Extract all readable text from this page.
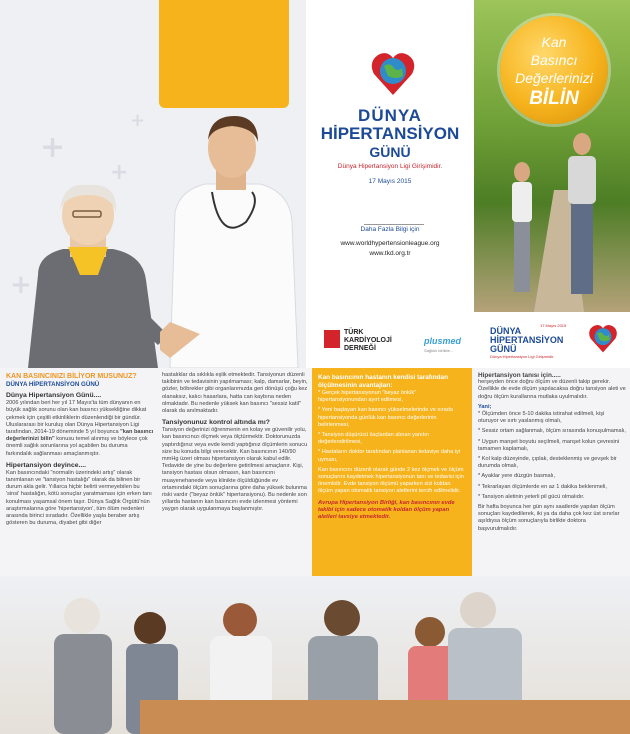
+
+
+
+	DÜNYA
HİPERTANSİYON
GÜNÜ
Dünya Hipertansiyon Ligi Girişimidir.
17 Mayıs 2015
Daha Fazla Bilgi için
www.worldhypertensionleague.org
www.tkd.org.tr
Kan
Basıncı
Değerlerinizi
BİLİN
TÜRK
KARDİYOLOJİ
DERNEĞİ
plusmed
Sağlıklı birlikte...
17 Mayıs 2015
DÜNYA
HİPERTANSİYON
GÜNÜ
Dünya Hipertansiyon Ligi Girişimidir.
KAN BASINCINIZI BİLİYOR MUSUNUZ?
DÜNYA HİPERTANSİYON GÜNÜ
Dünya Hipertansiyon Günü....

2006 yılından beri her yıl 17 Mayıs'ta tüm dünyanın en büyük sağlık sorunu olan kan basıncı yüksekliğine dikkat çekmek için çeşitli etkinliklerin düzenlendiği bir gündür. Uluslararası bir kuruluş olan Dünya Hipertansiyon Ligi tarafından, 2014-19 döneminde 5 yıl boyunca "kan basıncı değerlerinizi bilin" konusu temel alınmış ve böylece çok önemli sağlık sorunlarına yol açabilen bu duruma farkındalık sağlanması amaçlanmıştır.

Hipertansiyon deyince....

Kan basıncındaki "normalin üzerindeki artış" olarak tanımlanan ve "tansiyon hastalığı" olarak da bilinen bir durum akla gelir. Yıllarca hiçbir belirti vermeyebilen bu 'sinsi' hastalığın, kötü sonuçlar yaratmaması için erken tanı konulması yaşamsal önem taşır. Dünya Sağlık Örgütü'nün araştırmalarına göre 'hipertansiyon', tüm ölüm nedenleri arasında birinci sıradadır. Özellikle yaşla beraber artış gösteren bu duruma, diyabet gibi diğer

hastalıklar da sıklıkla eşlik etmektedir. Tansiyonun düzenli takibinin ve tedavisinin yapılmaması; kalp, damarlar, beyin, gözler, böbrekler gibi organlarımızda geri dönüşü çoğu kez olanaksız, kalıcı hasarlara, hatta can kaybına neden olmaktadır. Bu nedenle yüksek kan basıncı "sessiz katil" olarak da anılmaktadır.

Tansiyonunuz kontrol altında mı?

Tansiyon değerinizi öğrenmenin en kolay ve güvenilir yolu, kan basıncınızı ölçmek veya ölçtürmektir. Doktorunuzda yaptırdığınız veya evde kendi yaptığınız ölçümlerin sonucu size bu konuda bilgi verecektir. Kan basıncının 140/90 mmHg üzeri olması hipertansiyon olarak kabul edilir. Tedavide de yine bu değerlere getirilmesi amaçlanır. Kişi, tansiyon hastası olsun olmasın, kan basıncını muayenehanede veya klinikte ölçüldüğünde ev ortamındaki ölçüm sonuçlarına göre daha yüksek bulunma riski vardır ("beyaz önlük" hipertansiyonu). Bu nedenle son yıllarda hastanın kan basıncını evde izlenmesi yöntemi yaygın olarak uygulanmaya başlanmıştır.

Kan basıncının hastanın kendisi tarafından ölçülmesinin avantajları:

* Gerçek hipertansiyonun "beyaz önlük" hipertansiyonundan ayırt edilmesi,

* Yeni başlayan kan basıncı yükselmelerinde ve sırada hipertansiyonda günlük kan basıncı değerlerinin belirlenmesi,

* Tansiyon düşürücü ilaçlardan alınan yanıtın değerlendirilmesi,

* Hastaların doktor tarafından planlanan tedaviye daha iyi uyması,

Kan basıncını düzenli olarak günde 2 kez ölçmek ve ölçüm sonuçlarını kaydetmek hipertansiyonun tanı ve tedavisi için önemlidir. Evde tansiyon ölçümü yaparken sizi koldan ölçüm yapan otomatik tansiyon aletlerini tercih edilmelidir.

Avrupa Hipertansiyon Birliği, kan basıncının evde takibi için sadece otomatik koldan ölçüm yapan aletleri tavsiye etmektedir.
Hipertansiyon tanısı için.....

herşeyden önce doğru ölçüm ve düzenli takip gerekir. Özellikle de evde ölçüm yapılacaksa doğru tansiyon aleti ve doğru ölçüm kurallarına mutlaka uyulmalıdır.

Yani;

* Ölçümden önce 5-10 dakika istirahat edilmeli, kişi oturuyor ve sırtı yaslanmış olmalı,

* Sessiz ortam sağlanmalı, ölçüm sırasında konuşulmamalı,

* Uygun manşet boyutu seçilmeli, manşet kolun çevresini tamamen kaplamalı,

* Kol kalp düzeyinde, çıplak, desteklenmiş ve gevşek bir durumda olmalı,

* Ayaklar yere düzgün basmalı,

* Tekrarlayan ölçümlerde en az 1 dakika beklenmeli,

* Tansiyon aletinin yeterli pil gücü olmalıdır.

Bir hafta boyunca her gün aynı saatlerde yapılan ölçüm sonuçları kaydedilerek, iki ya da daha çok kez üst sınırlar aşıldıysa ölçüm sonuçlarıyla birlikte doktora başvurulmalıdır.
